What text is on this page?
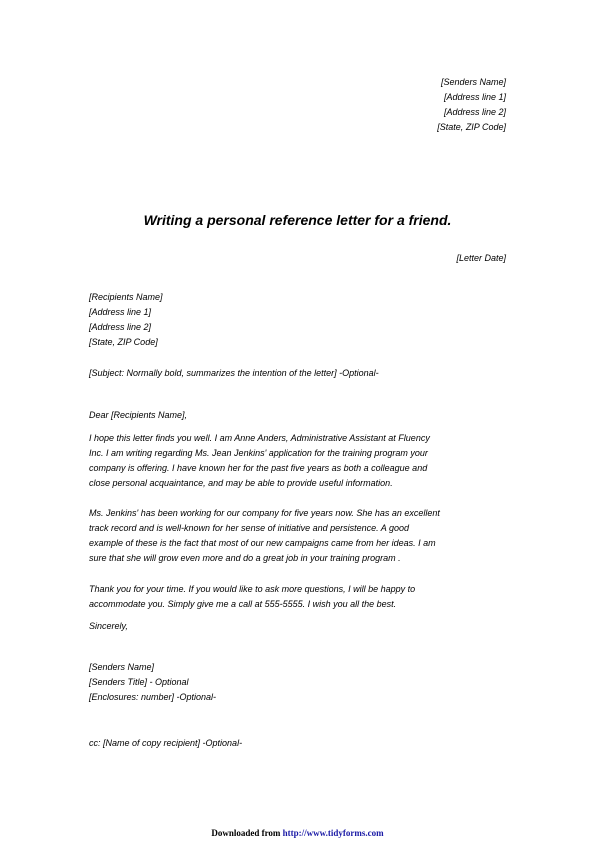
[Senders Name]
[Address line 1]
[Address line 2]
[State, ZIP Code]
Writing a personal reference letter for a friend.
[Letter Date]
[Recipients Name]
[Address line 1]
[Address line 2]
[State, ZIP Code]
[Subject: Normally bold, summarizes the intention of the letter] -Optional-
Dear [Recipients Name],
I hope this letter finds you well. I am Anne Anders, Administrative Assistant at Fluency
Inc. I am writing regarding Ms. Jean Jenkins' application for the training program your
company is offering. I have known her for the past five years as both a colleague and
close personal acquaintance, and may be able to provide useful information.
Ms. Jenkins' has been working for our company for five years now. She has an excellent
track record and is well-known for her sense of initiative and persistence. A good
example of these is the fact that most of our new campaigns came from her ideas. I am
sure that she will grow even more and do a great job in your training program .
Thank you for your time. If you would like to ask more questions, I will be happy to
accommodate you. Simply give me a call at 555-5555. I wish you all the best.
Sincerely,
[Senders Name]
[Senders Title] - Optional
[Enclosures: number] -Optional-
cc: [Name of copy recipient] -Optional-
Downloaded from http://www.tidyforms.com
